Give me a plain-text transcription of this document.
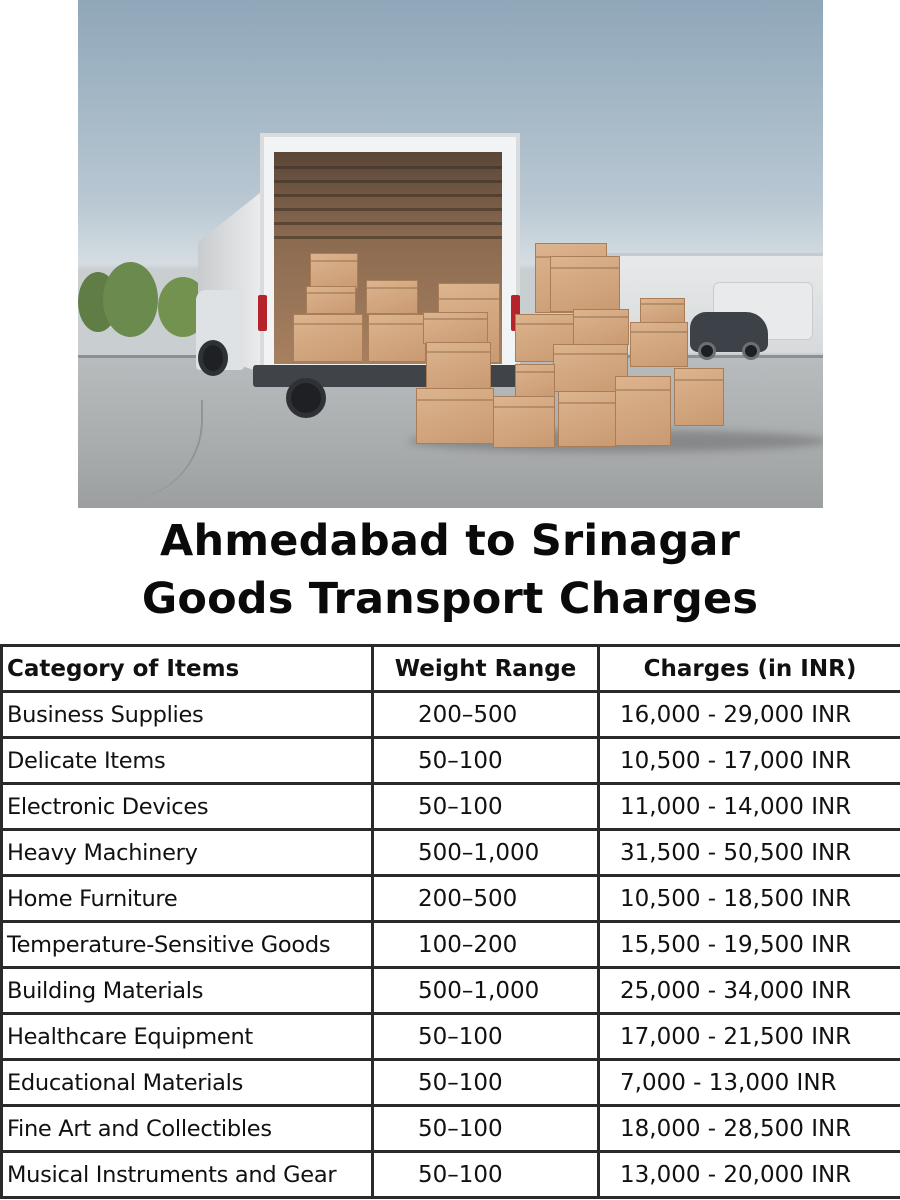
Ahmedabad to Srinagar
Goods Transport Charges
Category of Items	Weight Range	Charges (in INR)
Business Supplies	200–500	16,000 - 29,000 INR
Delicate Items	50–100	10,500 - 17,000 INR
Electronic Devices	50–100	11,000 - 14,000 INR
Heavy Machinery	500–1,000	31,500 - 50,500 INR
Home Furniture	200–500	10,500 - 18,500 INR
Temperature-Sensitive Goods	100–200	15,500 - 19,500 INR
Building Materials	500–1,000	25,000 - 34,000 INR
Healthcare Equipment	50–100	17,000 - 21,500 INR
Educational Materials	50–100	7,000 - 13,000 INR
Fine Art and Collectibles	50–100	18,000 - 28,500 INR
Musical Instruments and Gear	50–100	13,000 - 20,000 INR
